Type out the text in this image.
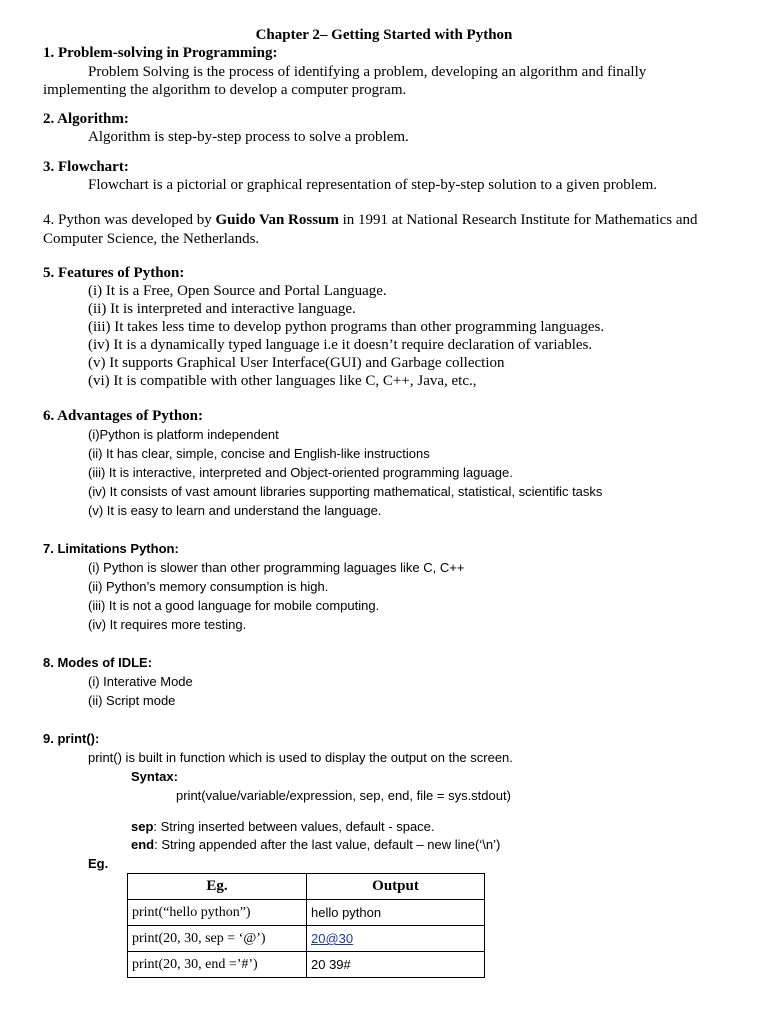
Chapter 2– Getting Started with Python
1. Problem-solving in Programming:
Problem Solving is the process of identifying a problem, developing an algorithm and finally
implementing the algorithm to develop a computer program.
2. Algorithm:
Algorithm is step-by-step process to solve a problem.
3. Flowchart:
Flowchart is a pictorial or graphical representation of step-by-step solution to a given problem.
4. Python was developed by Guido Van Rossum in 1991 at National Research Institute for Mathematics and
Computer Science, the Netherlands.
5. Features of Python:
(i) It is a Free, Open Source and Portal Language.
(ii) It is interpreted and interactive language.
(iii) It takes less time to develop python programs than other programming languages.
(iv) It is a dynamically typed language i.e it doesn’t require declaration of variables.
(v) It supports Graphical User Interface(GUI) and Garbage collection
(vi) It is compatible with other languages like C, C++, Java, etc.,
6. Advantages of Python:
(i)Python is platform independent
(ii) It has clear, simple, concise and English-like instructions
(iii) It is interactive, interpreted and Object-oriented programming laguage.
(iv) It consists of vast amount libraries supporting mathematical, statistical, scientific tasks
(v) It is easy to learn and understand the language.
7. Limitations Python:
(i) Python is slower than other programming laguages like C, C++
(ii) Python’s memory consumption is high.
(iii) It is not a good language for mobile computing.
(iv) It requires more testing.
8. Modes of IDLE:
(i) Interative Mode
(ii) Script mode
9. print():
print() is built in function which is used to display the output on the screen.
Syntax:
print(value/variable/expression, sep, end, file = sys.stdout)
sep: String inserted between values, default - space.
end: String appended after the last value, default – new line(‘\n’)
Eg.
Eg.	Output
print(“hello python”)	hello python
print(20, 30, sep = ‘@’)	20@30
print(20, 30, end =’#’)	20 39#
